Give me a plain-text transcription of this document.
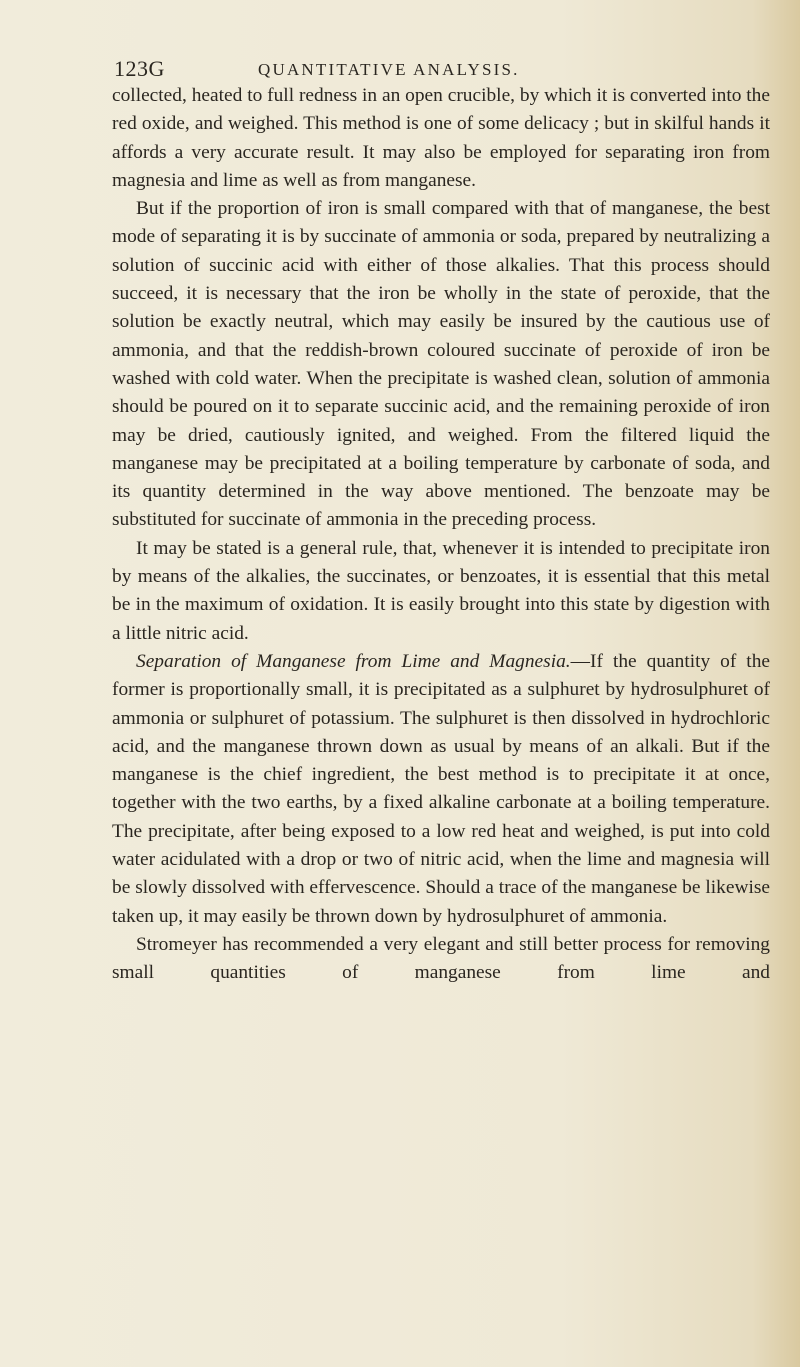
123G	QUANTITATIVE ANALYSIS.

collected, heated to full redness in an open crucible, by which it is converted into the red oxide, and weighed. This method is one of some delicacy ; but in skilful hands it affords a very accurate result. It may also be employed for separating iron from magnesia and lime as well as from manganese.

But if the proportion of iron is small compared with that of manganese, the best mode of separating it is by succinate of ammonia or soda, prepared by neutralizing a solution of succinic acid with either of those alkalies. That this process should succeed, it is necessary that the iron be wholly in the state of peroxide, that the solution be exactly neutral, which may easily be insured by the cautious use of ammonia, and that the reddish-brown coloured succinate of peroxide of iron be washed with cold water. When the precipitate is washed clean, solution of ammonia should be poured on it to separate succinic acid, and the remaining peroxide of iron may be dried, cautiously ignited, and weighed. From the filtered liquid the manganese may be precipitated at a boiling temperature by carbonate of soda, and its quantity determined in the way above mentioned. The benzoate may be substituted for succinate of ammonia in the preceding process.

It may be stated is a general rule, that, whenever it is intended to precipitate iron by means of the alkalies, the succinates, or benzoates, it is essential that this metal be in the maximum of oxidation. It is easily brought into this state by digestion with a little nitric acid.

Separation of Manganese from Lime and Magnesia.—If the quantity of the former is proportionally small, it is precipitated as a sulphuret by hydrosulphuret of ammonia or sulphuret of potassium. The sulphuret is then dissolved in hydrochloric acid, and the manganese thrown down as usual by means of an alkali. But if the manganese is the chief ingredient, the best method is to precipitate it at once, together with the two earths, by a fixed alkaline carbonate at a boiling temperature. The precipitate, after being exposed to a low red heat and weighed, is put into cold water acidulated with a drop or two of nitric acid, when the lime and magnesia will be slowly dissolved with effervescence. Should a trace of the manganese be likewise taken up, it may easily be thrown down by hydrosulphuret of ammonia.

Stromeyer has recommended a very elegant and still better process for removing small quantities of manganese from lime and
